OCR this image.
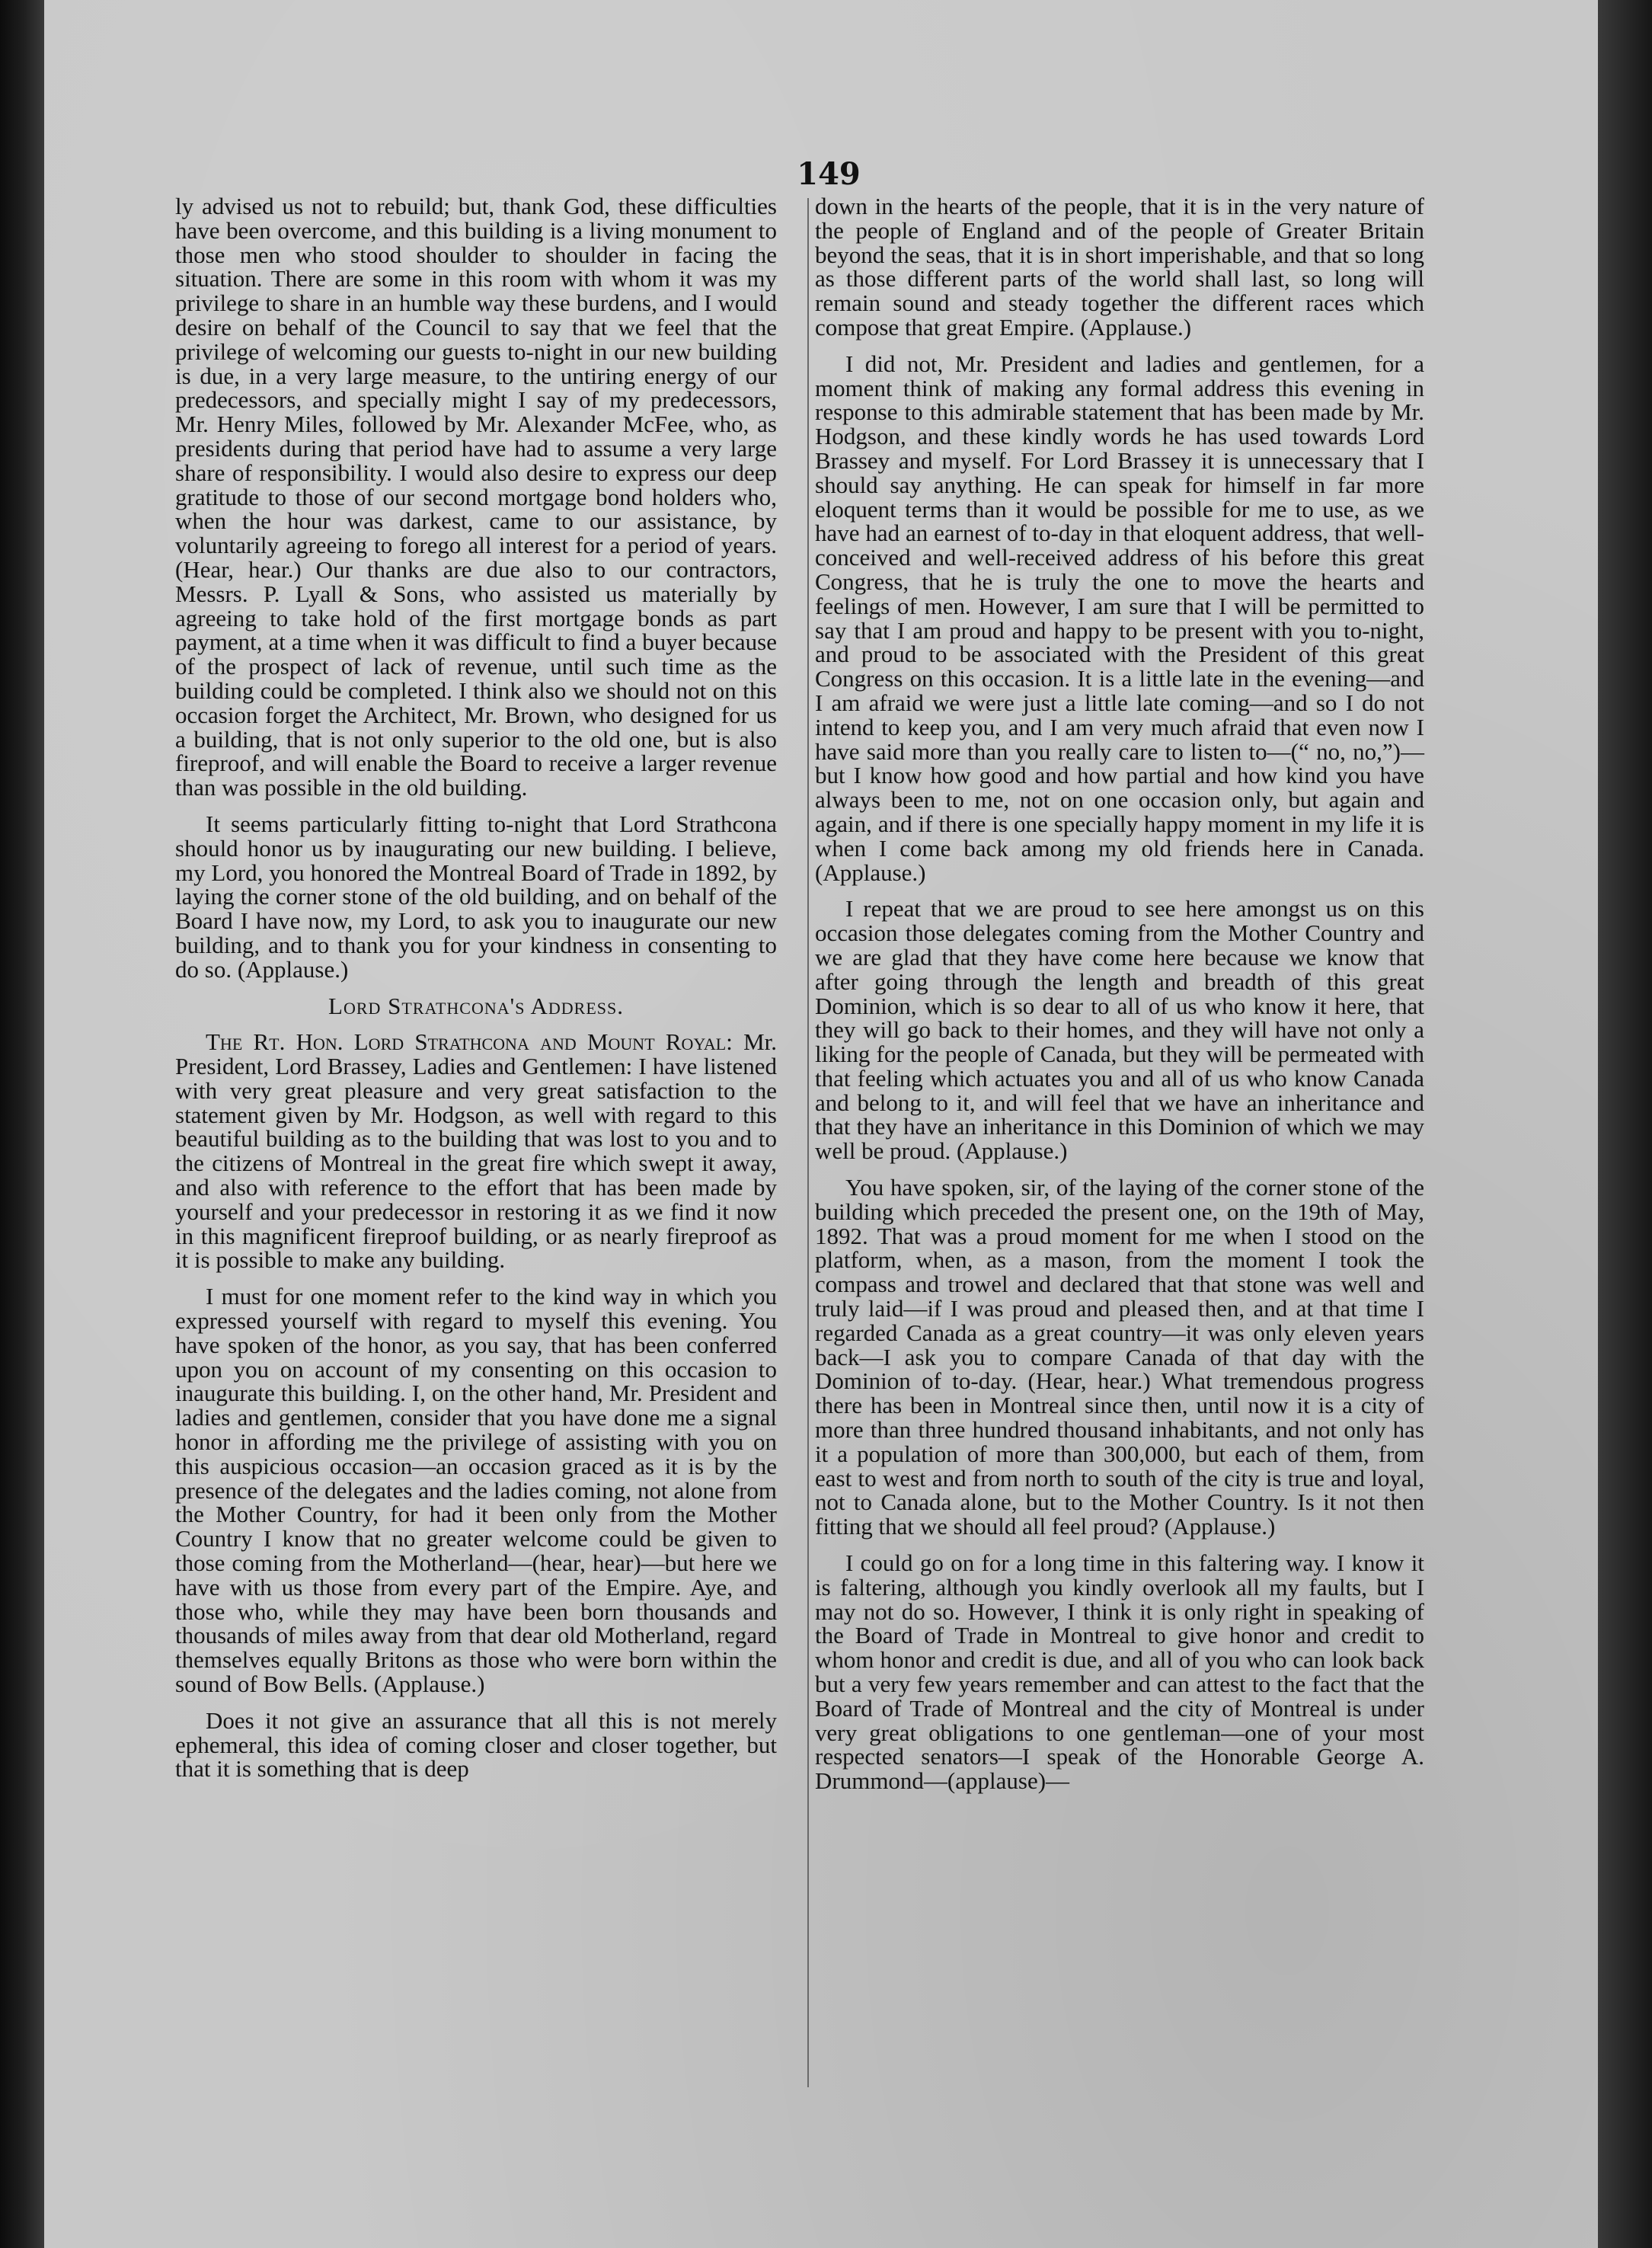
149

ly advised us not to rebuild; but, thank God, these difficulties have been overcome, and this building is a living monument to those men who stood shoulder to shoulder in facing the situation. There are some in this room with whom it was my privilege to share in an humble way these burdens, and I would desire on behalf of the Council to say that we feel that the privilege of welcoming our guests to-night in our new building is due, in a very large measure, to the untiring energy of our predecessors, and specially might I say of my predecessors, Mr. Henry Miles, followed by Mr. Alexander McFee, who, as presidents during that period have had to assume a very large share of responsibility. I would also desire to express our deep gratitude to those of our second mortgage bond holders who, when the hour was darkest, came to our assistance, by voluntarily agreeing to forego all interest for a period of years. (Hear, hear.) Our thanks are due also to our contractors, Messrs. P. Lyall & Sons, who assisted us materially by agreeing to take hold of the first mortgage bonds as part payment, at a time when it was difficult to find a buyer because of the prospect of lack of revenue, until such time as the building could be completed. I think also we should not on this occasion forget the Architect, Mr. Brown, who designed for us a building, that is not only superior to the old one, but is also fireproof, and will enable the Board to receive a larger revenue than was possible in the old building.

It seems particularly fitting to-night that Lord Strathcona should honor us by inaugurating our new building. I believe, my Lord, you honored the Montreal Board of Trade in 1892, by laying the corner stone of the old building, and on behalf of the Board I have now, my Lord, to ask you to inaugurate our new building, and to thank you for your kindness in consenting to do so. (Applause.)

Lord Strathcona's Address.

The Rt. Hon. Lord Strathcona and Mount Royal: Mr. President, Lord Brassey, Ladies and Gentlemen: I have listened with very great pleasure and very great satisfaction to the statement given by Mr. Hodgson, as well with regard to this beautiful building as to the building that was lost to you and to the citizens of Montreal in the great fire which swept it away, and also with reference to the effort that has been made by yourself and your predecessor in restoring it as we find it now in this magnificent fireproof building, or as nearly fireproof as it is possible to make any building.

I must for one moment refer to the kind way in which you expressed yourself with regard to myself this evening. You have spoken of the honor, as you say, that has been conferred upon you on account of my consenting on this occasion to inaugurate this building. I, on the other hand, Mr. President and ladies and gentlemen, consider that you have done me a signal honor in affording me the privilege of assisting with you on this auspicious occasion—an occasion graced as it is by the presence of the delegates and the ladies coming, not alone from the Mother Country, for had it been only from the Mother Country I know that no greater welcome could be given to those coming from the Motherland—(hear, hear)—but here we have with us those from every part of the Empire. Aye, and those who, while they may have been born thousands and thousands of miles away from that dear old Motherland, regard themselves equally Britons as those who were born within the sound of Bow Bells. (Applause.)

Does it not give an assurance that all this is not merely ephemeral, this idea of coming closer and closer together, but that it is something that is deep

down in the hearts of the people, that it is in the very nature of the people of England and of the people of Greater Britain beyond the seas, that it is in short imperishable, and that so long as those different parts of the world shall last, so long will remain sound and steady together the different races which compose that great Empire. (Applause.)

I did not, Mr. President and ladies and gentlemen, for a moment think of making any formal address this evening in response to this admirable statement that has been made by Mr. Hodgson, and these kindly words he has used towards Lord Brassey and myself. For Lord Brassey it is unnecessary that I should say anything. He can speak for himself in far more eloquent terms than it would be possible for me to use, as we have had an earnest of to-day in that eloquent address, that well-conceived and well-received address of his before this great Congress, that he is truly the one to move the hearts and feelings of men. However, I am sure that I will be permitted to say that I am proud and happy to be present with you to-night, and proud to be associated with the President of this great Congress on this occasion. It is a little late in the evening—and I am afraid we were just a little late coming—and so I do not intend to keep you, and I am very much afraid that even now I have said more than you really care to listen to—(“ no, no,”)—but I know how good and how partial and how kind you have always been to me, not on one occasion only, but again and again, and if there is one specially happy moment in my life it is when I come back among my old friends here in Canada. (Applause.)

I repeat that we are proud to see here amongst us on this occasion those delegates coming from the Mother Country and we are glad that they have come here because we know that after going through the length and breadth of this great Dominion, which is so dear to all of us who know it here, that they will go back to their homes, and they will have not only a liking for the people of Canada, but they will be permeated with that feeling which actuates you and all of us who know Canada and belong to it, and will feel that we have an inheritance and that they have an inheritance in this Dominion of which we may well be proud. (Applause.)

You have spoken, sir, of the laying of the corner stone of the building which preceded the present one, on the 19th of May, 1892. That was a proud moment for me when I stood on the platform, when, as a mason, from the moment I took the compass and trowel and declared that that stone was well and truly laid—if I was proud and pleased then, and at that time I regarded Canada as a great country—it was only eleven years back—I ask you to compare Canada of that day with the Dominion of to-day. (Hear, hear.) What tremendous progress there has been in Montreal since then, until now it is a city of more than three hundred thousand inhabitants, and not only has it a population of more than 300,000, but each of them, from east to west and from north to south of the city is true and loyal, not to Canada alone, but to the Mother Country. Is it not then fitting that we should all feel proud? (Applause.)

I could go on for a long time in this faltering way. I know it is faltering, although you kindly overlook all my faults, but I may not do so. However, I think it is only right in speaking of the Board of Trade in Montreal to give honor and credit to whom honor and credit is due, and all of you who can look back but a very few years remember and can attest to the fact that the Board of Trade of Montreal and the city of Montreal is under very great obligations to one gentleman—one of your most respected senators—I speak of the Honorable George A. Drummond—(applause)—
